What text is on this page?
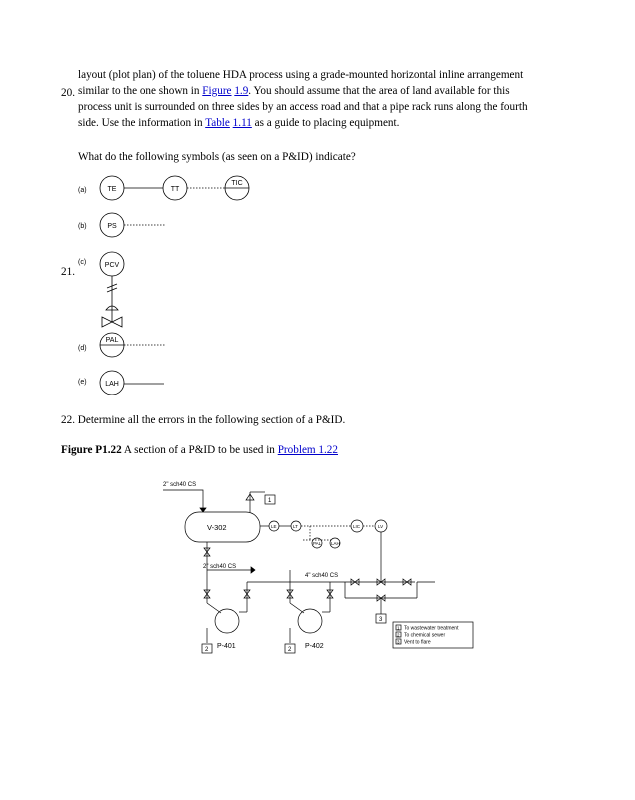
layout (plot plan) of the toluene HDA process using a grade-mounted horizontal inline arrangement
similar to the one shown in Figure 1.9. You should assume that the area of land available for this
process unit is surrounded on three sides by an access road and that a pipe rack runs along the fourth
side. Use the information in Table 1.11 as a guide to placing equipment.
20.
What do the following symbols (as seen on a P&ID) indicate?
21.
(a)	TE	TT
TIC
(b)	PS
(c)	PCV
(d)
PAL
(e)	LAH
22. Determine all the errors in the following section of a P&ID.
Figure P1.22 A section of a P&ID to be used in Problem 1.22
2" sch40 CS
V-302
1
LE	LT	LIC	LV
PAL LAH
2" sch40 CS
4" sch40 CS
3
2 P-401	2 P-402
1 To wastewater treatment
2 To chemical sewer
3 Vent to flare
